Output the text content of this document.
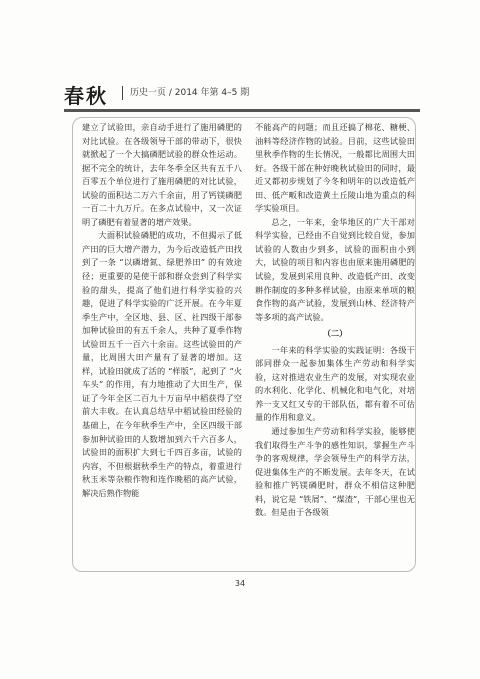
春秋 历史一页 / 2014 年第 4–5 期

建立了试验田，亲自动手进行了施用磷肥的对比试验。在各级领导干部的带动下，很快就掀起了一个大搞磷肥试验的群众性运动。据不完全的统计，去年冬季全区共有五千八百零五个单位进行了施用磷肥的对比试验，试验的面积达二万六千余亩，用了钙镁磷肥一百二十九万斤。在多点试验中，又一次证明了磷肥有着显著的增产效果。

大面积试验磷肥的成功，不但揭示了低产田的巨大增产潜力，为今后改造低产田找到了一条 “以磷增氮、绿肥养田” 的有效途径；更重要的是使干部和群众尝到了科学实验的甜头，提高了他们进行科学实验的兴趣，促进了科学实验的广泛开展。在今年夏季生产中，全区地、县、区、社四级干部参加种试验田的有五千余人，共种了夏季作物试验田五千一百六十余亩。这些试验田的产量，比周围大田产量有了显著的增加。这样，试验田就成了活的 “样版”，起到了 “火车头” 的作用，有力地推动了大田生产，保证了今年全区二百九十万亩早中稻获得了空前大丰收。在认真总结早中稻试验田经验的基础上，在今年秋季生产中，全区四级干部参加种试验田的人数增加到六千六百多人，试验田的面积扩大到七千四百多亩，试验的内容，不但根据秋季生产的特点，着重进行秋玉米等杂粮作物和连作晚稻的高产试验，解决后熟作物能

不能高产的问题；而且还搞了棉花、糖梗、油料等经济作物的试验。目前，这些试验田里秋季作物的生长情况，一般都比周围大田好。各级干部在种好晚秋试验田的同时，最近又都初步规划了今冬和明年的以改造低产田、低产畈和改造黄土丘陵山地为重点的科学实验项目。

总之，一年来，金华地区的广大干部对科学实验，已经由不自觉到比较自觉，参加试验的人数由少到多，试验的面积由小到大，试验的项目和内容也由原来施用磷肥的试验，发展到采用良种、改造低产田、改变耕作制度的多种多样试验，由原来单项的粮食作物的高产试验，发展到山林、经济特产等多项的高产试验。

（二）

一年来的科学实验的实践证明：各级干部同群众一起参加集体生产劳动和科学实验，这对推进农业生产的发展，对实现农业的水利化、化学化、机械化和电气化，对培养一支又红又专的干部队伍，都有着不可估量的作用和意义。

通过参加生产劳动和科学实验，能够使我们取得生产斗争的感性知识，掌握生产斗争的客观规律，学会领导生产的科学方法，促进集体生产的不断发展。去年冬天，在试验和推广钙镁磷肥时，群众不相信这种肥料，说它是 “铁屑”、“煤渣”，干部心里也无数。但是由于各级领

34
